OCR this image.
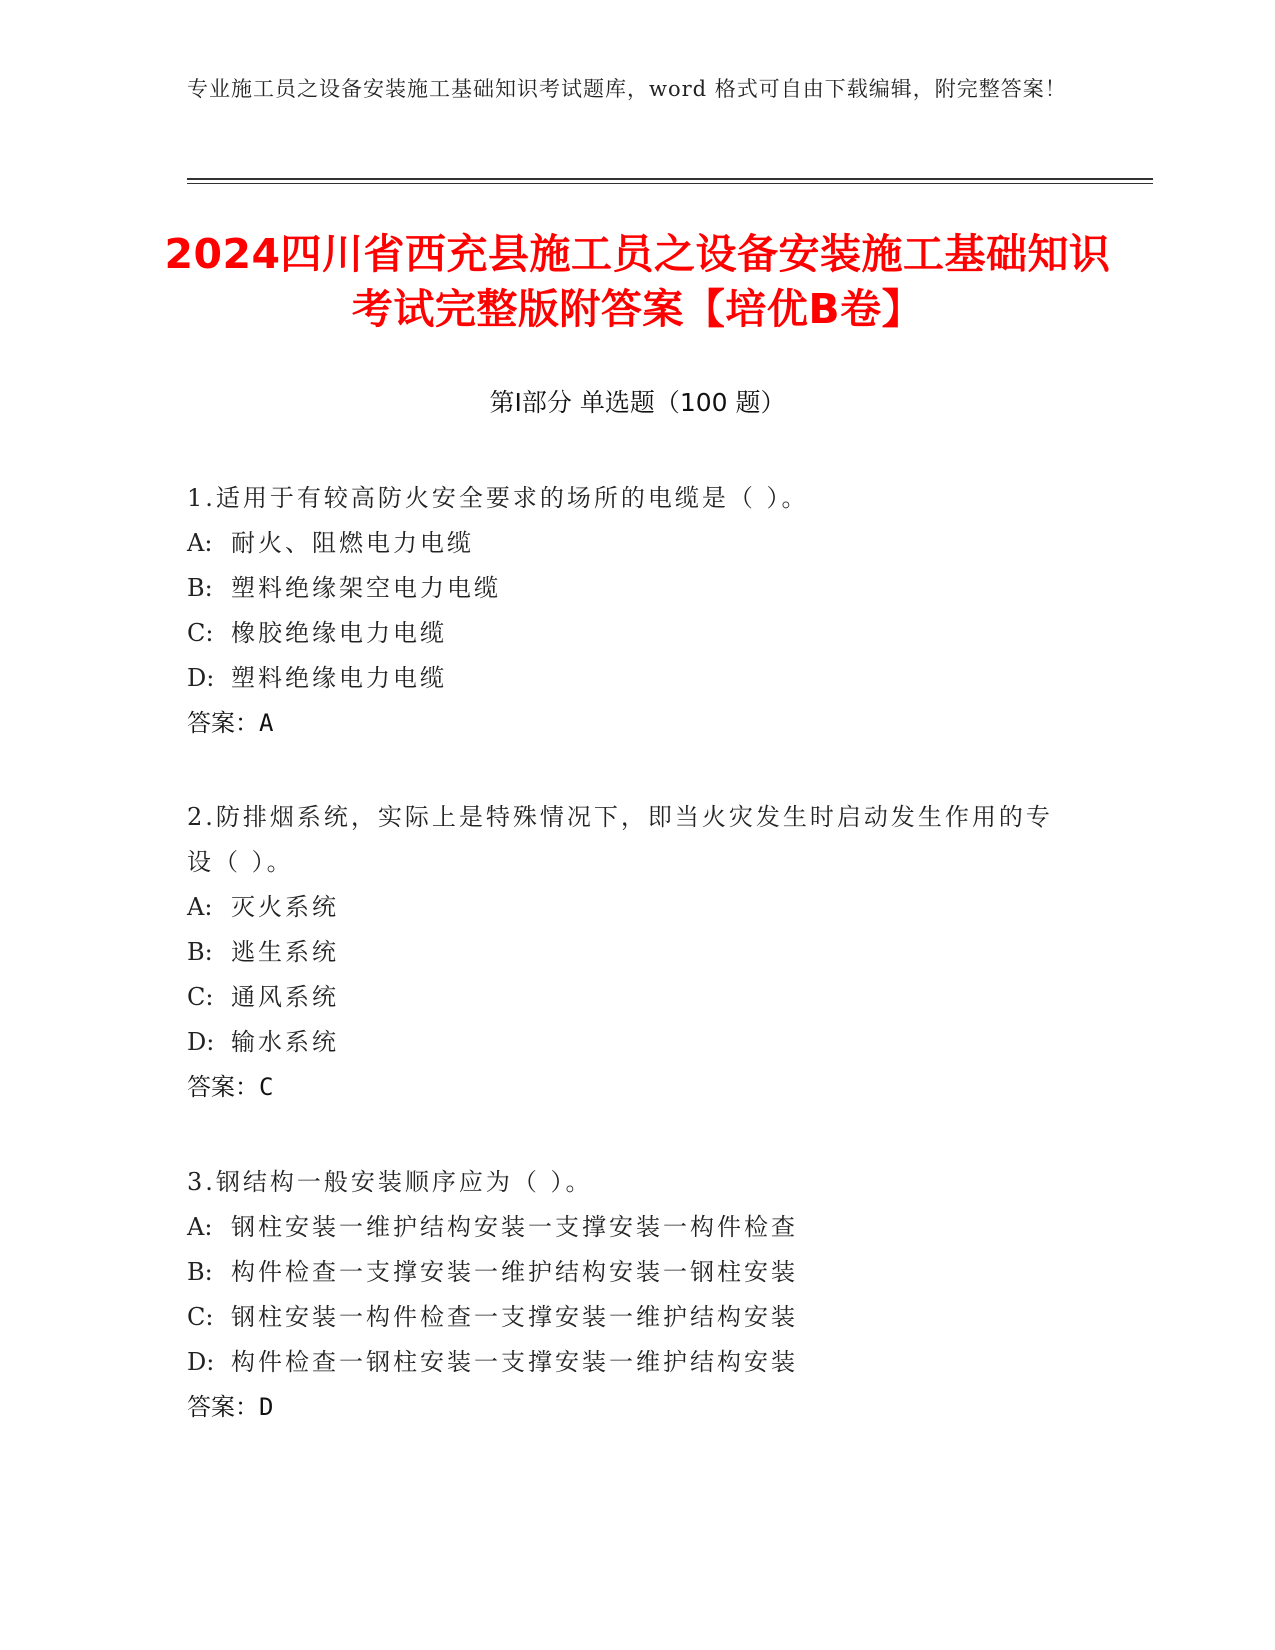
专业施工员之设备安装施工基础知识考试题库，word 格式可自由下载编辑，附完整答案！
2024四川省西充县施工员之设备安装施工基础知识考试完整版附答案【培优B卷】
第Ⅰ部分 单选题（100 题）
1.适用于有较高防火安全要求的场所的电缆是（ ）。
A: 耐火、阻燃电力电缆
B: 塑料绝缘架空电力电缆
C: 橡胶绝缘电力电缆
D: 塑料绝缘电力电缆
答案：A
2.防排烟系统，实际上是特殊情况下，即当火灾发生时启动发生作用的专设（ ）。
A: 灭火系统
B: 逃生系统
C: 通风系统
D: 输水系统
答案：C
3.钢结构一般安装顺序应为（ ）。
A: 钢柱安装一维护结构安装一支撑安装一构件检查
B: 构件检查一支撑安装一维护结构安装一钢柱安装
C: 钢柱安装一构件检查一支撑安装一维护结构安装
D: 构件检查一钢柱安装一支撑安装一维护结构安装
答案：D
